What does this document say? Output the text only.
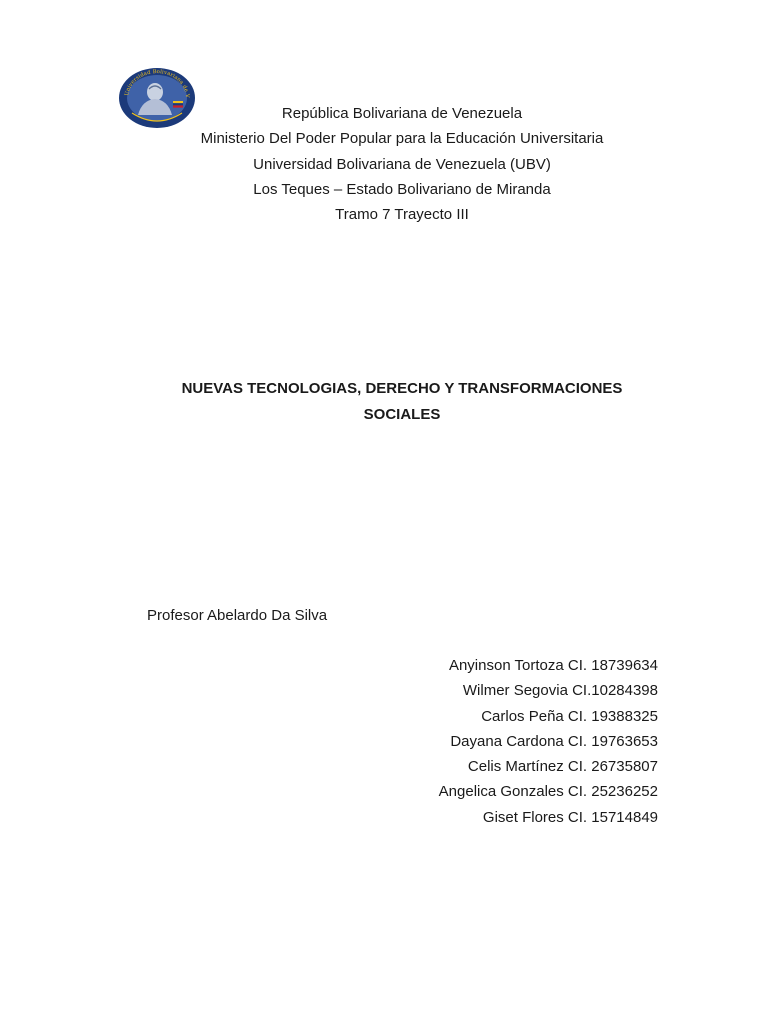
Universidad Bolivariana de V
República Bolivariana de Venezuela
Ministerio Del Poder Popular para la Educación Universitaria
Universidad Bolivariana de Venezuela (UBV)
Los Teques – Estado Bolivariano de Miranda
Tramo 7 Trayecto III
NUEVAS TECNOLOGIAS, DERECHO Y TRANSFORMACIONES
SOCIALES
Profesor Abelardo Da Silva
Anyinson Tortoza CI. 18739634
Wilmer Segovia CI.10284398
Carlos Peña CI. 19388325
Dayana Cardona CI. 19763653
Celis Martínez CI. 26735807
Angelica Gonzales CI. 25236252
Giset Flores CI. 15714849
